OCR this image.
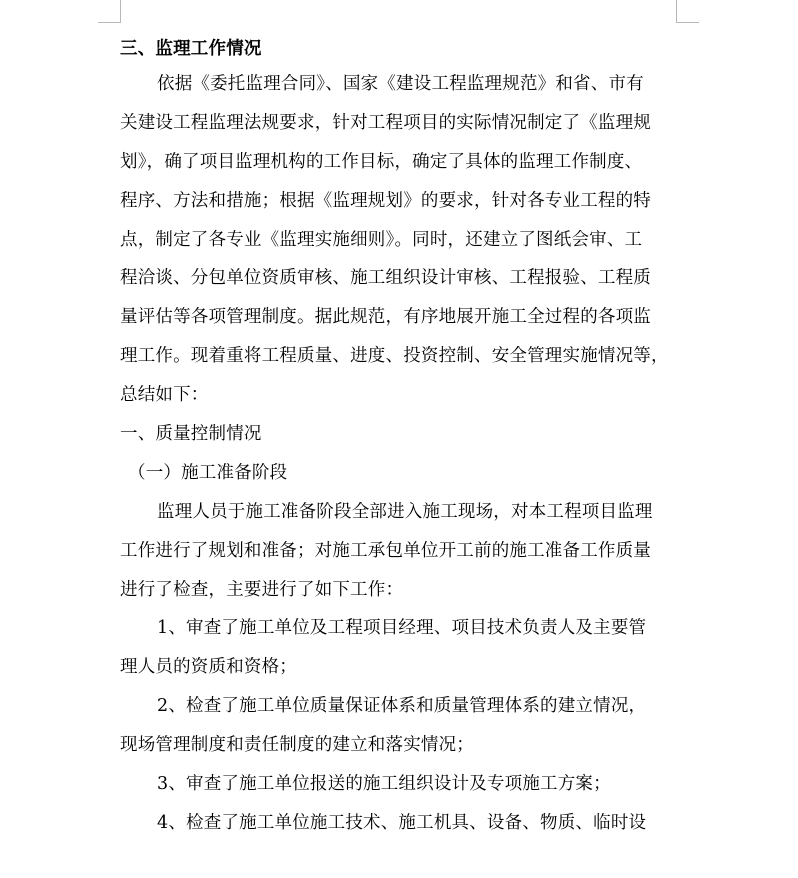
三、监理工作情况
依据《委托监理合同》、国家《建设工程监理规范》和省、市有
关建设工程监理法规要求，针对工程项目的实际情况制定了《监理规
划》，确了项目监理机构的工作目标，确定了具体的监理工作制度、
程序、方法和措施；根据《监理规划》的要求，针对各专业工程的特
点，制定了各专业《监理实施细则》。同时，还建立了图纸会审、工
程洽谈、分包单位资质审核、施工组织设计审核、工程报验、工程质
量评估等各项管理制度。据此规范，有序地展开施工全过程的各项监
理工作。现着重将工程质量、进度、投资控制、安全管理实施情况等，
总结如下：
一、质量控制情况
（一）施工准备阶段
监理人员于施工准备阶段全部进入施工现场，对本工程项目监理
工作进行了规划和准备；对施工承包单位开工前的施工准备工作质量
进行了检查，主要进行了如下工作：
1、审查了施工单位及工程项目经理、项目技术负责人及主要管
理人员的资质和资格；
2、检查了施工单位质量保证体系和质量管理体系的建立情况，
现场管理制度和责任制度的建立和落实情况；
3、审查了施工单位报送的施工组织设计及专项施工方案；
4、检查了施工单位施工技术、施工机具、设备、物质、临时设
